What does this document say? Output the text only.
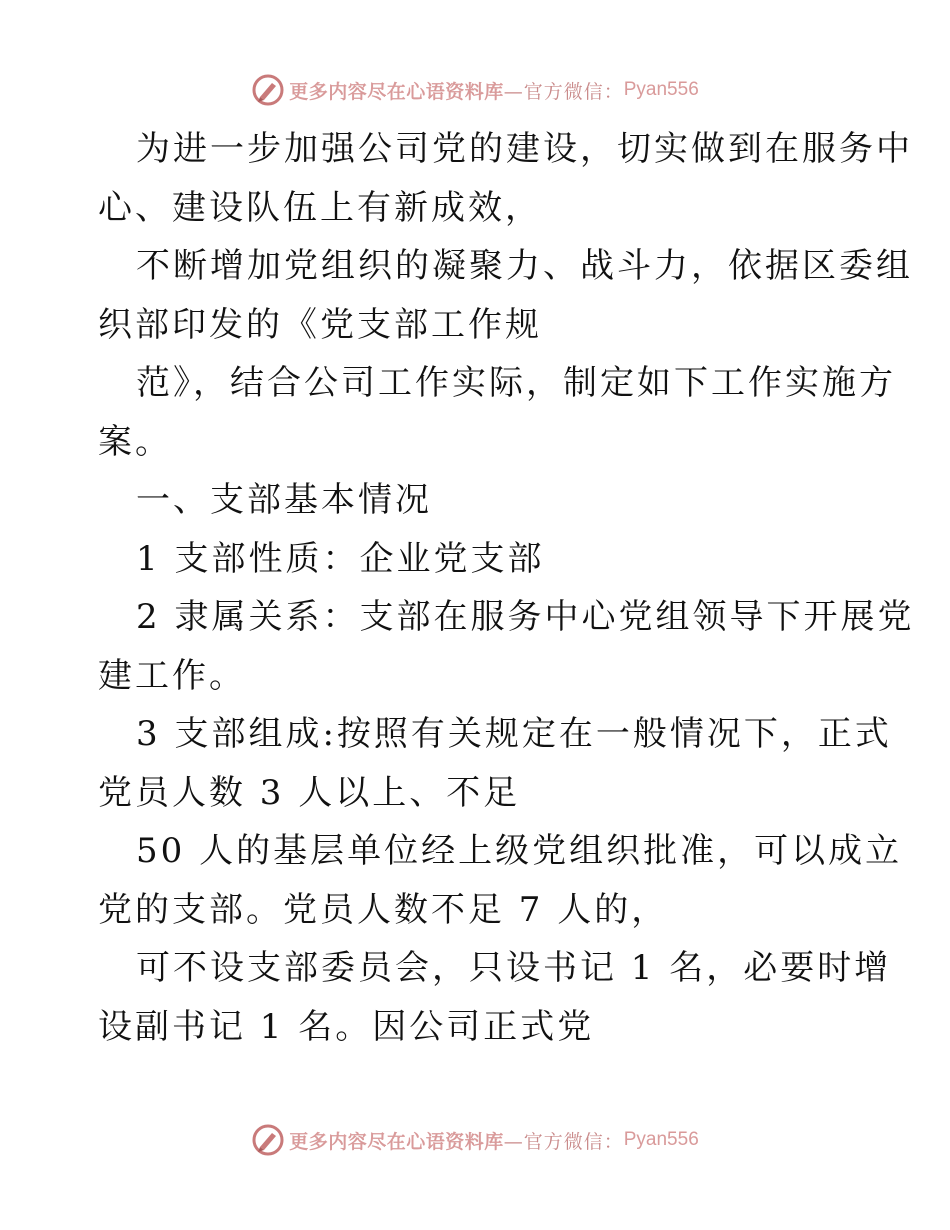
更多内容尽在心语资料库 —官方微信： Pyan556
为进一步加强公司党的建设，切实做到在服务中
心、建设队伍上有新成效，
不断增加党组织的凝聚力、战斗力，依据区委组
织部印发的《党支部工作规
范》，结合公司工作实际，制定如下工作实施方
案。
一、支部基本情况
1 支部性质：企业党支部
2 隶属关系：支部在服务中心党组领导下开展党
建工作。
3 支部组成:按照有关规定在一般情况下，正式
党员人数 3 人以上、不足
50 人的基层单位经上级党组织批准，可以成立
党的支部。党员人数不足 7 人的，
可不设支部委员会，只设书记 1 名，必要时增
设副书记 1 名。因公司正式党
更多内容尽在心语资料库 —官方微信： Pyan556
